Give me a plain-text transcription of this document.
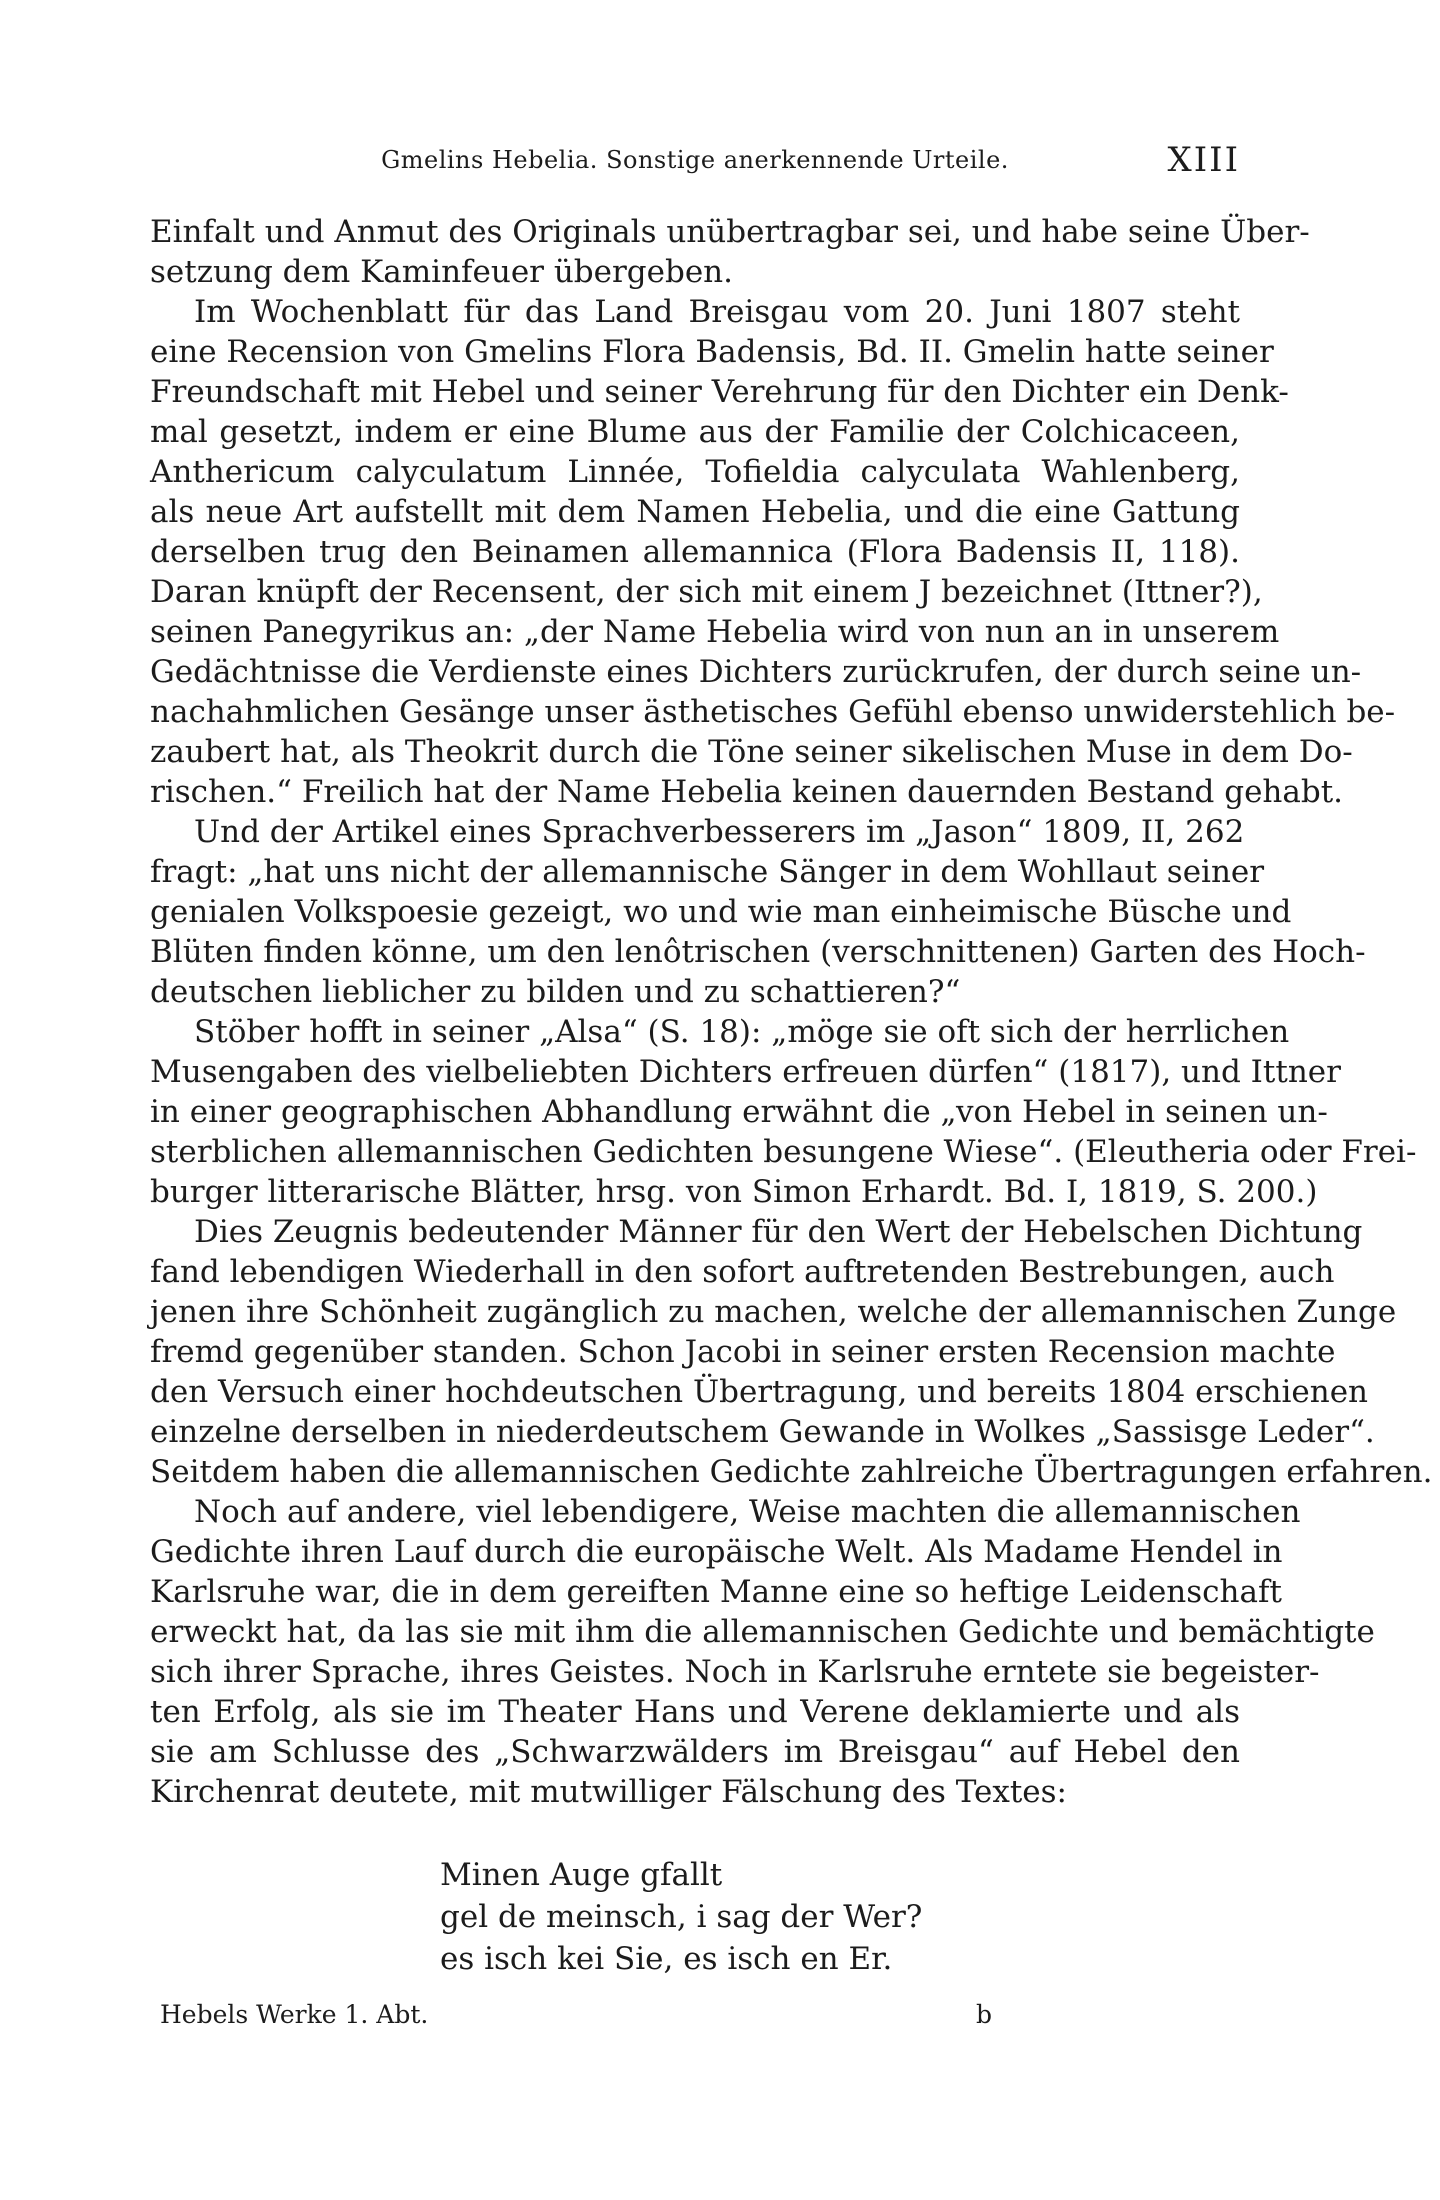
Gmelins Hebelia. Sonstige anerkennende Urteile.	XIII
Einfalt und Anmut des Originals unübertragbar sei, und habe seine Über-
setzung dem Kaminfeuer übergeben.
Im Wochenblatt für das Land Breisgau vom 20. Juni 1807 steht
eine Recension von Gmelins Flora Badensis, Bd. II. Gmelin hatte seiner
Freundschaft mit Hebel und seiner Verehrung für den Dichter ein Denk-
mal gesetzt, indem er eine Blume aus der Familie der Colchicaceen,
Anthericum calyculatum Linnée, Tofieldia calyculata Wahlenberg,
als neue Art aufstellt mit dem Namen Hebelia, und die eine Gattung
derselben trug den Beinamen allemannica (Flora Badensis II, 118).
Daran knüpft der Recensent, der sich mit einem J bezeichnet (Ittner?),
seinen Panegyrikus an: „der Name Hebelia wird von nun an in unserem
Gedächtnisse die Verdienste eines Dichters zurückrufen, der durch seine un-
nachahmlichen Gesänge unser ästhetisches Gefühl ebenso unwiderstehlich be-
zaubert hat, als Theokrit durch die Töne seiner sikelischen Muse in dem Do-
rischen.“ Freilich hat der Name Hebelia keinen dauernden Bestand gehabt.
Und der Artikel eines Sprachverbesserers im „Jason“ 1809, II, 262
fragt: „hat uns nicht der allemannische Sänger in dem Wohllaut seiner
genialen Volkspoesie gezeigt, wo und wie man einheimische Büsche und
Blüten finden könne, um den lenôtrischen (verschnittenen) Garten des Hoch-
deutschen lieblicher zu bilden und zu schattieren?“
Stöber hofft in seiner „Alsa“ (S. 18): „möge sie oft sich der herrlichen
Musengaben des vielbeliebten Dichters erfreuen dürfen“ (1817), und Ittner
in einer geographischen Abhandlung erwähnt die „von Hebel in seinen un-
sterblichen allemannischen Gedichten besungene Wiese“. (Eleutheria oder Frei-
burger litterarische Blätter, hrsg. von Simon Erhardt. Bd. I, 1819, S. 200.)
Dies Zeugnis bedeutender Männer für den Wert der Hebelschen Dichtung
fand lebendigen Wiederhall in den sofort auftretenden Bestrebungen, auch
jenen ihre Schönheit zugänglich zu machen, welche der allemannischen Zunge
fremd gegenüber standen. Schon Jacobi in seiner ersten Recension machte
den Versuch einer hochdeutschen Übertragung, und bereits 1804 erschienen
einzelne derselben in niederdeutschem Gewande in Wolkes „Sassisge Leder“.
Seitdem haben die allemannischen Gedichte zahlreiche Übertragungen erfahren.
Noch auf andere, viel lebendigere, Weise machten die allemannischen
Gedichte ihren Lauf durch die europäische Welt. Als Madame Hendel in
Karlsruhe war, die in dem gereiften Manne eine so heftige Leidenschaft
erweckt hat, da las sie mit ihm die allemannischen Gedichte und bemächtigte
sich ihrer Sprache, ihres Geistes. Noch in Karlsruhe erntete sie begeister-
ten Erfolg, als sie im Theater Hans und Verene deklamierte und als
sie am Schlusse des „Schwarzwälders im Breisgau“ auf Hebel den
Kirchenrat deutete, mit mutwilliger Fälschung des Textes:
Minen Auge gfallt
gel de meinsch, i sag der Wer?
es isch kei Sie, es isch en Er.
Hebels Werke 1. Abt.	b
